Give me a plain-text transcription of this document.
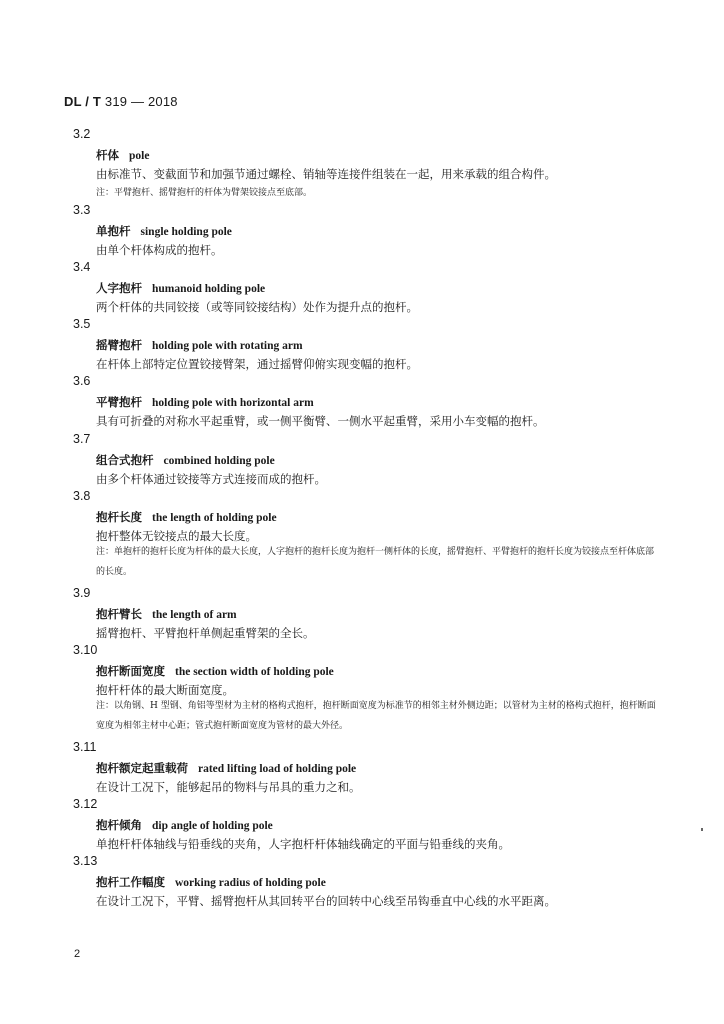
DL / T 319 — 2018
3.2
杆体 pole
由标准节、变截面节和加强节通过螺栓、销轴等连接件组装在一起，用来承载的组合构件。
注：平臂抱杆、摇臂抱杆的杆体为臂架铰接点至底部。
3.3
单抱杆 single holding pole
由单个杆体构成的抱杆。
3.4
人字抱杆 humanoid holding pole
两个杆体的共同铰接（或等同铰接结构）处作为提升点的抱杆。
3.5
摇臂抱杆 holding pole with rotating arm
在杆体上部特定位置铰接臂架，通过摇臂仰俯实现变幅的抱杆。
3.6
平臂抱杆 holding pole with horizontal arm
具有可折叠的对称水平起重臂，或一侧平衡臂、一侧水平起重臂，采用小车变幅的抱杆。
3.7
组合式抱杆 combined holding pole
由多个杆体通过铰接等方式连接而成的抱杆。
3.8
抱杆长度 the length of holding pole
抱杆整体无铰接点的最大长度。
注：单抱杆的抱杆长度为杆体的最大长度，人字抱杆的抱杆长度为抱杆一侧杆体的长度，摇臂抱杆、平臂抱杆的抱杆长度为铰接点至杆体底部的长度。
3.9
抱杆臂长 the length of arm
摇臂抱杆、平臂抱杆单侧起重臂架的全长。
3.10
抱杆断面宽度 the section width of holding pole
抱杆杆体的最大断面宽度。
注：以角钢、H 型钢、角铝等型材为主材的格构式抱杆，抱杆断面宽度为标准节的相邻主材外侧边距；以管材为主材的格构式抱杆，抱杆断面宽度为相邻主材中心距；管式抱杆断面宽度为管材的最大外径。
3.11
抱杆额定起重载荷 rated lifting load of holding pole
在设计工况下，能够起吊的物料与吊具的重力之和。
3.12
抱杆倾角 dip angle of holding pole
单抱杆杆体轴线与铅垂线的夹角，人字抱杆杆体轴线确定的平面与铅垂线的夹角。
3.13
抱杆工作幅度 working radius of holding pole
在设计工况下，平臂、摇臂抱杆从其回转平台的回转中心线至吊钩垂直中心线的水平距离。
2
